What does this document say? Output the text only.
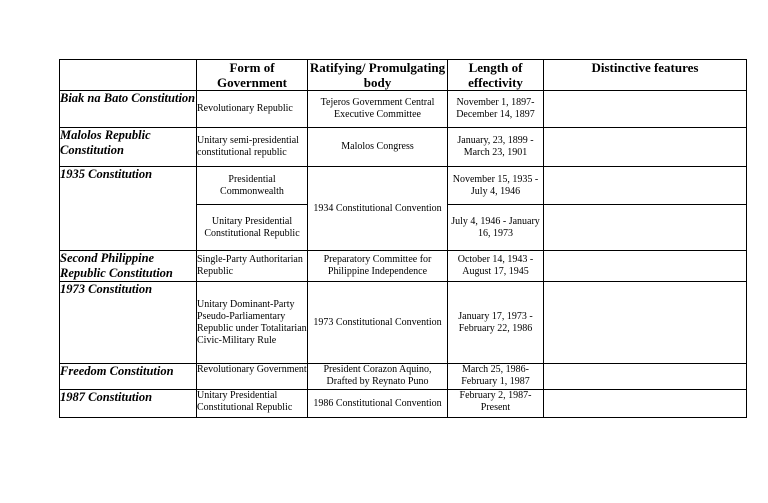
	Form of Government	Ratifying/ Promulgating body	Length of effectivity	Distinctive features
Biak na Bato Constitution	Revolutionary Republic	Tejeros Government Central Executive Committee	November 1, 1897- December 14, 1897	
Malolos Republic Constitution	Unitary semi-presidential constitutional republic	Malolos Congress	January, 23, 1899 - March 23, 1901	
1935 Constitution	Presidential Commonwealth	1934 Constitutional Convention	November 15, 1935 - July 4, 1946	
	Unitary Presidential Constitutional Republic		July 4, 1946 - January 16, 1973	
Second Philippine Republic Constitution	Single-Party Authoritarian Republic	Preparatory Committee for Philippine Independence	October 14, 1943 - August 17, 1945	
1973 Constitution	Unitary Dominant-Party Pseudo-Parliamentary Republic under Totalitarian Civic-Military Rule	1973 Constitutional Convention	January 17, 1973 - February 22, 1986	
Freedom Constitution	Revolutionary Government	President Corazon Aquino, Drafted by Reynato Puno	March 25, 1986- February 1, 1987	
1987 Constitution	Unitary Presidential Constitutional Republic	1986 Constitutional Convention	February 2, 1987- Present	
